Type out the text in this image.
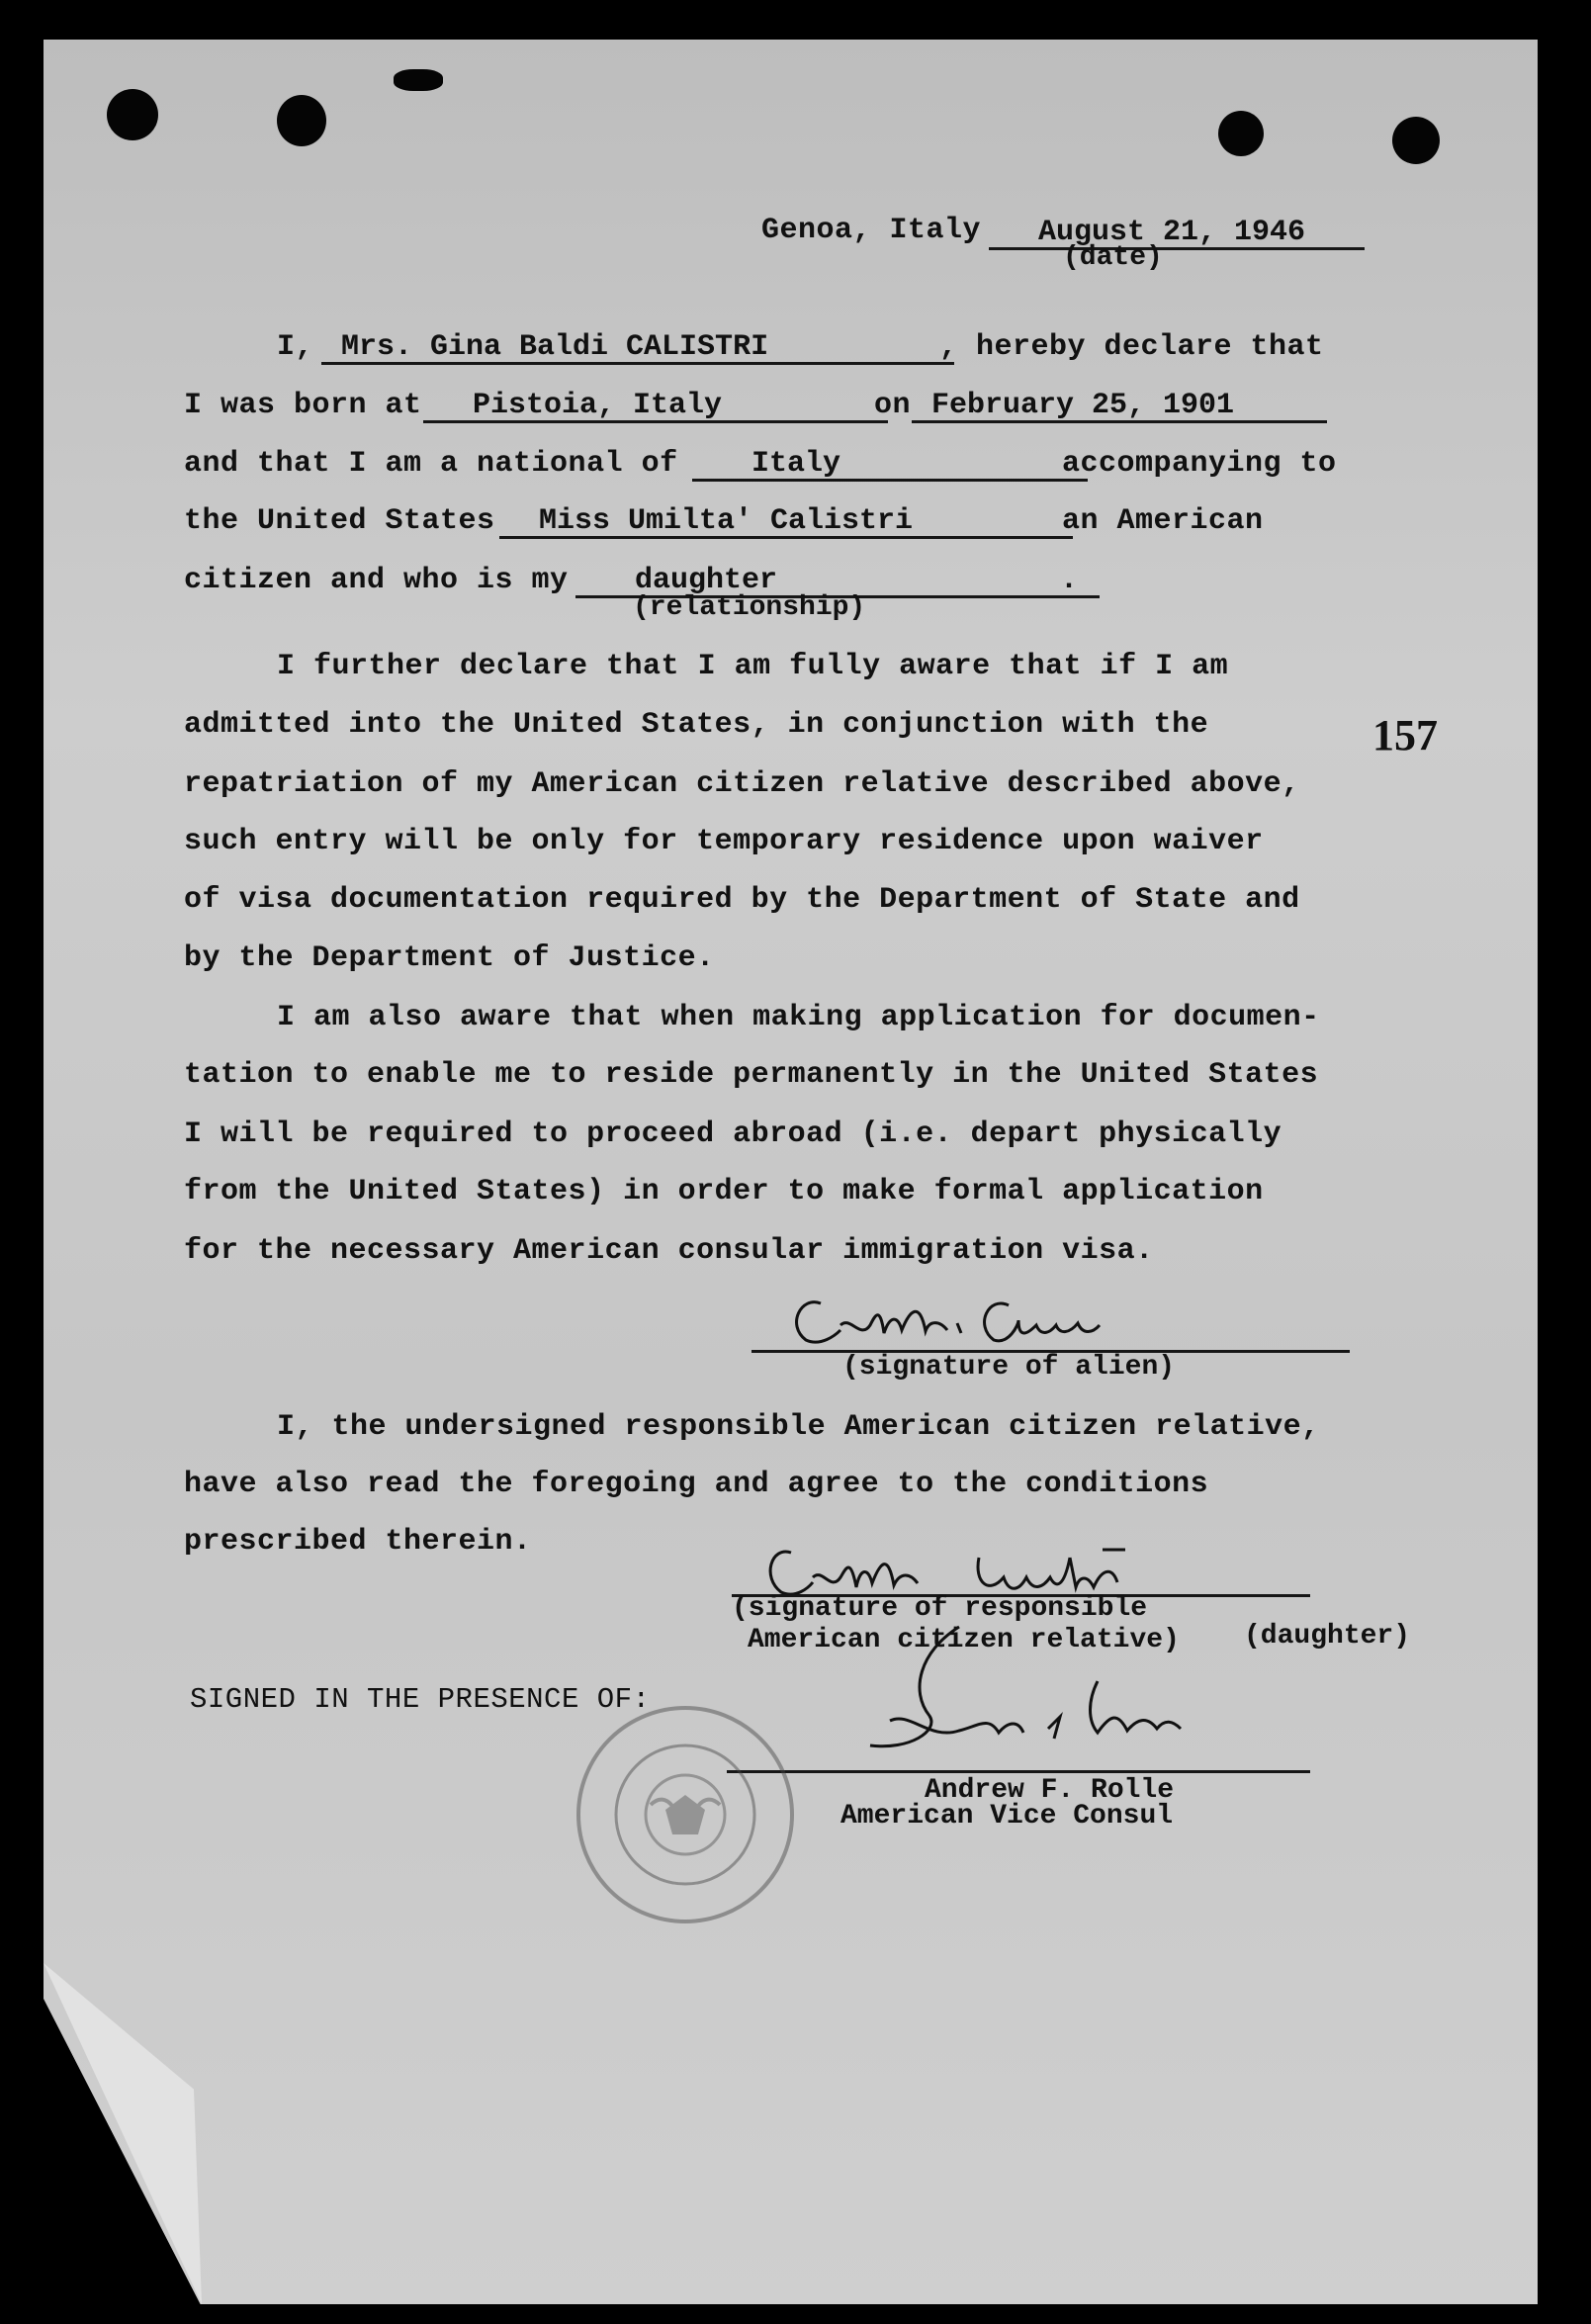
Genoa, Italy	August 21, 1946
(date)
I, Mrs. Gina Baldi CALISTRI	, hereby declare that
I was born at	Pistoia, Italy	on February 25, 1901
and that I am a national of	Italy	accompanying to
the United States	Miss Umilta' Calistri	an American
citizen and who is my	daughter	.
(relationship)
157
I further declare that I am fully aware that if I am
admitted into the United States, in conjunction with the
repatriation of my American citizen relative described above,
such entry will be only for temporary residence upon waiver
of visa documentation required by the Department of State and
by the Department of Justice.
I am also aware that when making application for documen-
tation to enable me to reside permanently in the United States
I will be required to proceed abroad (i.e. depart physically
from the United States) in order to make formal application
for the necessary American consular immigration visa.
(signature of alien)
I, the undersigned responsible American citizen relative,
have also read the foregoing and agree to the conditions
prescribed therein.
(signature of responsible
American citizen relative) (daughter)
SIGNED IN THE PRESENCE OF:
Andrew F. Rolle
American Vice Consul
